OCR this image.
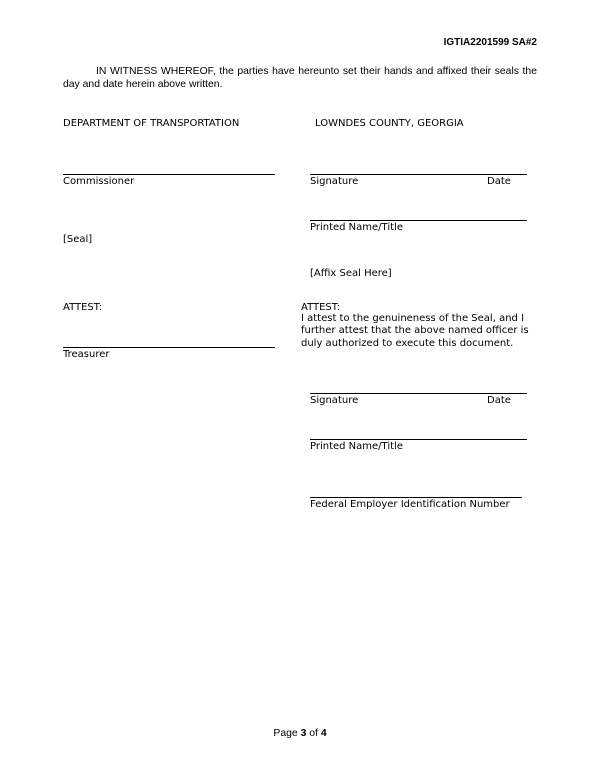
IGTIA2201599 SA#2
IN WITNESS WHEREOF, the parties have hereunto set their hands and affixed their seals the day and date herein above written.
DEPARTMENT OF TRANSPORTATION
Commissioner
[Seal]
ATTEST:
Treasurer
LOWNDES COUNTY, GEORGIA
Signature	Date
Printed Name/Title
[Affix Seal Here]
ATTEST:
I attest to the genuineness of the Seal, and I further attest that the above named officer is duly authorized to execute this document.
Signature	Date
Printed Name/Title
Federal Employer Identification Number
Page 3 of 4
